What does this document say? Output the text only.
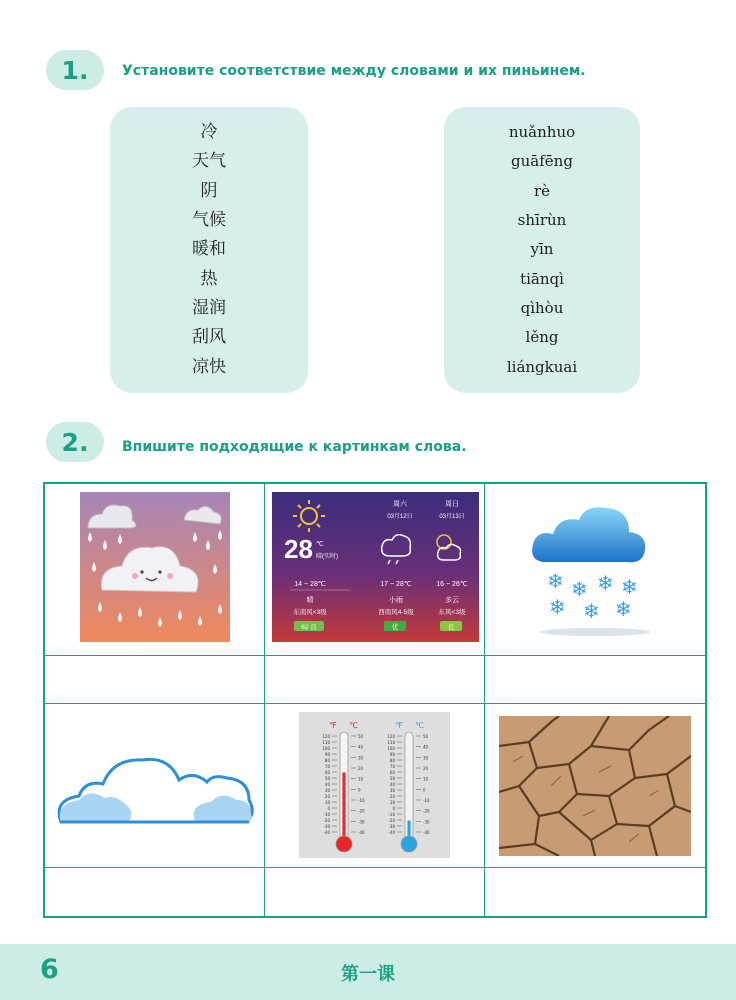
1.	Установите соответствие между словами и их пиньинем.
冷
天气
阴
气候
暖和
热
湿润
刮风
凉快
nuǎnhuo
guāfēng
rè
shīrùn
yīn
tiānqì
qìhòu
lěng
liángkuai
2.	Впишите подходящие к картинкам слова.
周六
03月12日
周日
03月13日
28 ℃
晴(实时)
14 ~ 28℃	17 ~ 28℃	16 ~ 26℃
晴	小雨	多云
东南风<3级	西南风4-5级	东风<3级
62 良	优	良
❄ ❄ ❄ ❄
❄ ❄ ❄
℉ ℃	℉ ℃
120
110
100
90
80
70
60
50
40
30
20
10
0
-10
-20
-30
-40
50
40
30
20
10
0
-10
-20
-30
-40
120
110
100
90
80
70
60
50
40
30
20
10
0
-10
-20
-30
-40
50
40
30
20
10
0
-10
-20
-30
-40
6	第一课
